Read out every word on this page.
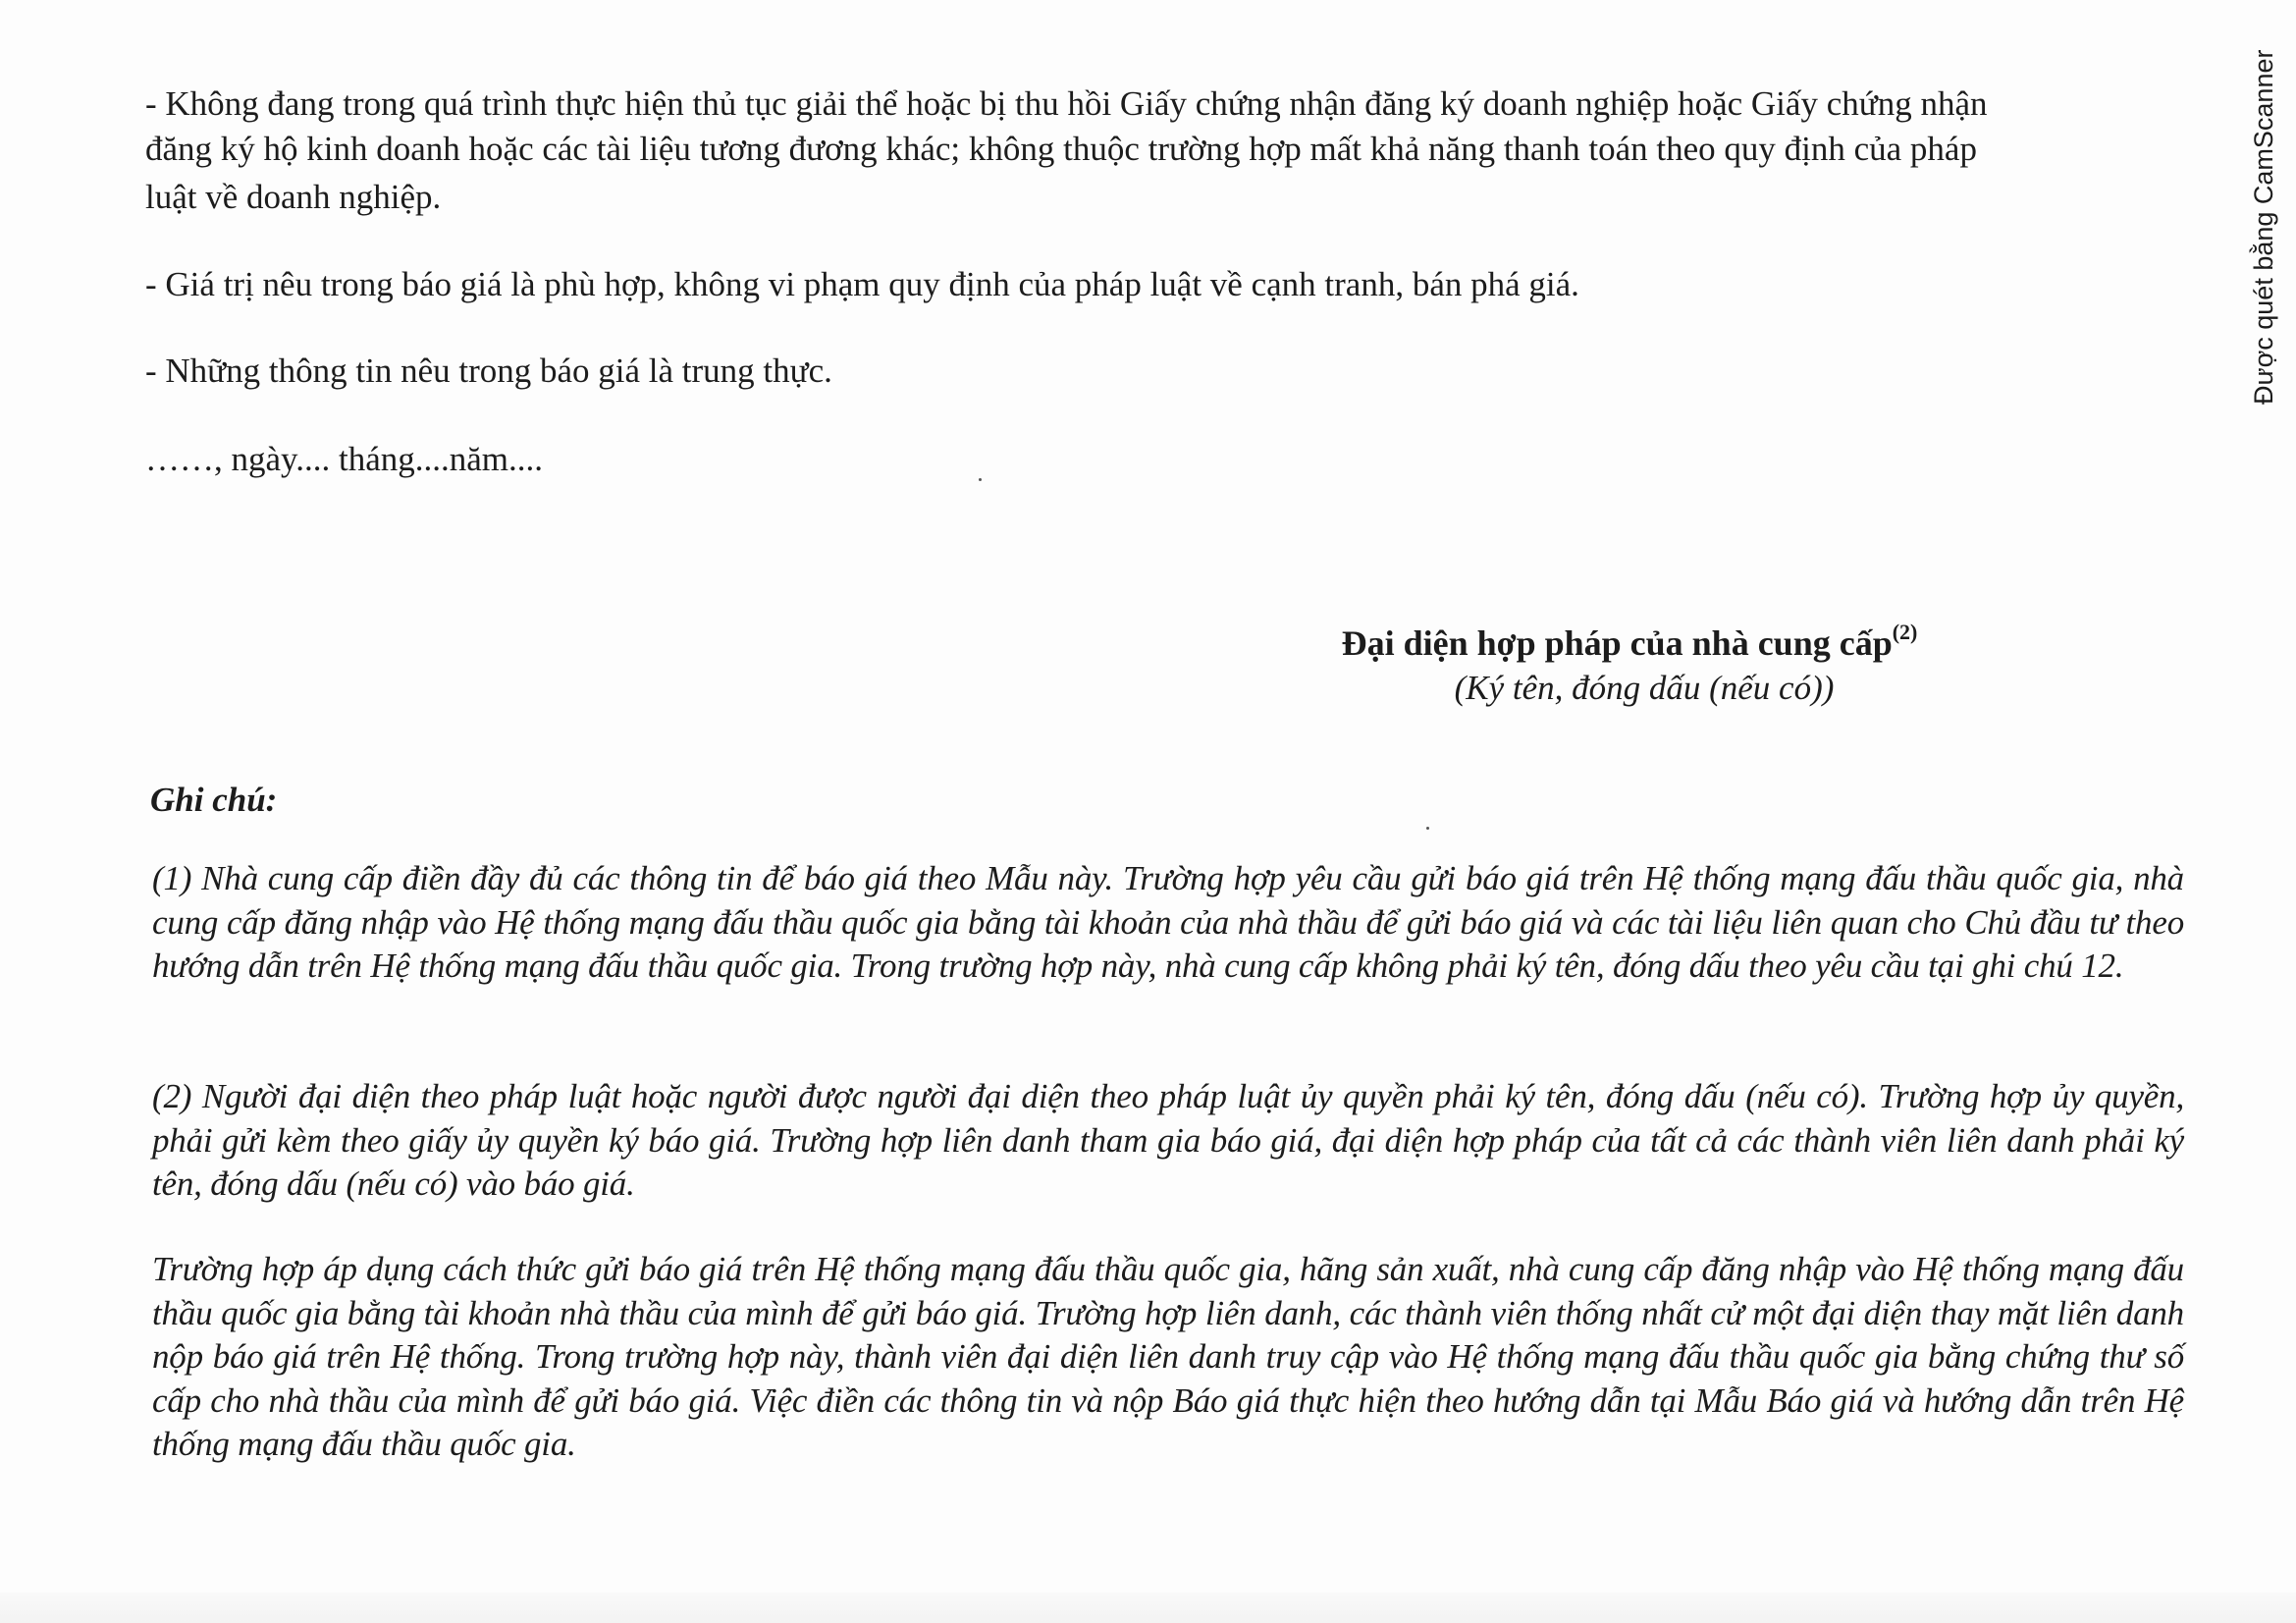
- Không đang trong quá trình thực hiện thủ tục giải thể hoặc bị thu hồi Giấy chứng nhận đăng ký doanh nghiệp hoặc Giấy chứng nhận
đăng ký hộ kinh doanh hoặc các tài liệu tương đương khác; không thuộc trường hợp mất khả năng thanh toán theo quy định của pháp
luật về doanh nghiệp.
- Giá trị nêu trong báo giá là phù hợp, không vi phạm quy định của pháp luật về cạnh tranh, bán phá giá.
- Những thông tin nêu trong báo giá là trung thực.
……, ngày.... tháng....năm....
Đại diện hợp pháp của nhà cung cấp$^{(2)}$
(Ký tên, đóng dấu (nếu có))
Ghi chú:
(1) Nhà cung cấp điền đầy đủ các thông tin để báo giá theo Mẫu này. Trường hợp yêu cầu gửi báo giá trên Hệ thống mạng đấu thầu quốc gia, nhà cung cấp đăng nhập vào Hệ thống mạng đấu thầu quốc gia bằng tài khoản của nhà thầu để gửi báo giá và các tài liệu liên quan cho Chủ đầu tư theo hướng dẫn trên Hệ thống mạng đấu thầu quốc gia. Trong trường hợp này, nhà cung cấp không phải ký tên, đóng dấu theo yêu cầu tại ghi chú 12.
(2) Người đại diện theo pháp luật hoặc người được người đại diện theo pháp luật ủy quyền phải ký tên, đóng dấu (nếu có). Trường hợp ủy quyền, phải gửi kèm theo giấy ủy quyền ký báo giá. Trường hợp liên danh tham gia báo giá, đại diện hợp pháp của tất cả các thành viên liên danh phải ký tên, đóng dấu (nếu có) vào báo giá.
Trường hợp áp dụng cách thức gửi báo giá trên Hệ thống mạng đấu thầu quốc gia, hãng sản xuất, nhà cung cấp đăng nhập vào Hệ thống mạng đấu thầu quốc gia bằng tài khoản nhà thầu của mình để gửi báo giá. Trường hợp liên danh, các thành viên thống nhất cử một đại diện thay mặt liên danh nộp báo giá trên Hệ thống. Trong trường hợp này, thành viên đại diện liên danh truy cập vào Hệ thống mạng đấu thầu quốc gia bằng chứng thư số cấp cho nhà thầu của mình để gửi báo giá. Việc điền các thông tin và nộp Báo giá thực hiện theo hướng dẫn tại Mẫu Báo giá và hướng dẫn trên Hệ thống mạng đấu thầu quốc gia.
Được quét bằng CamScanner
